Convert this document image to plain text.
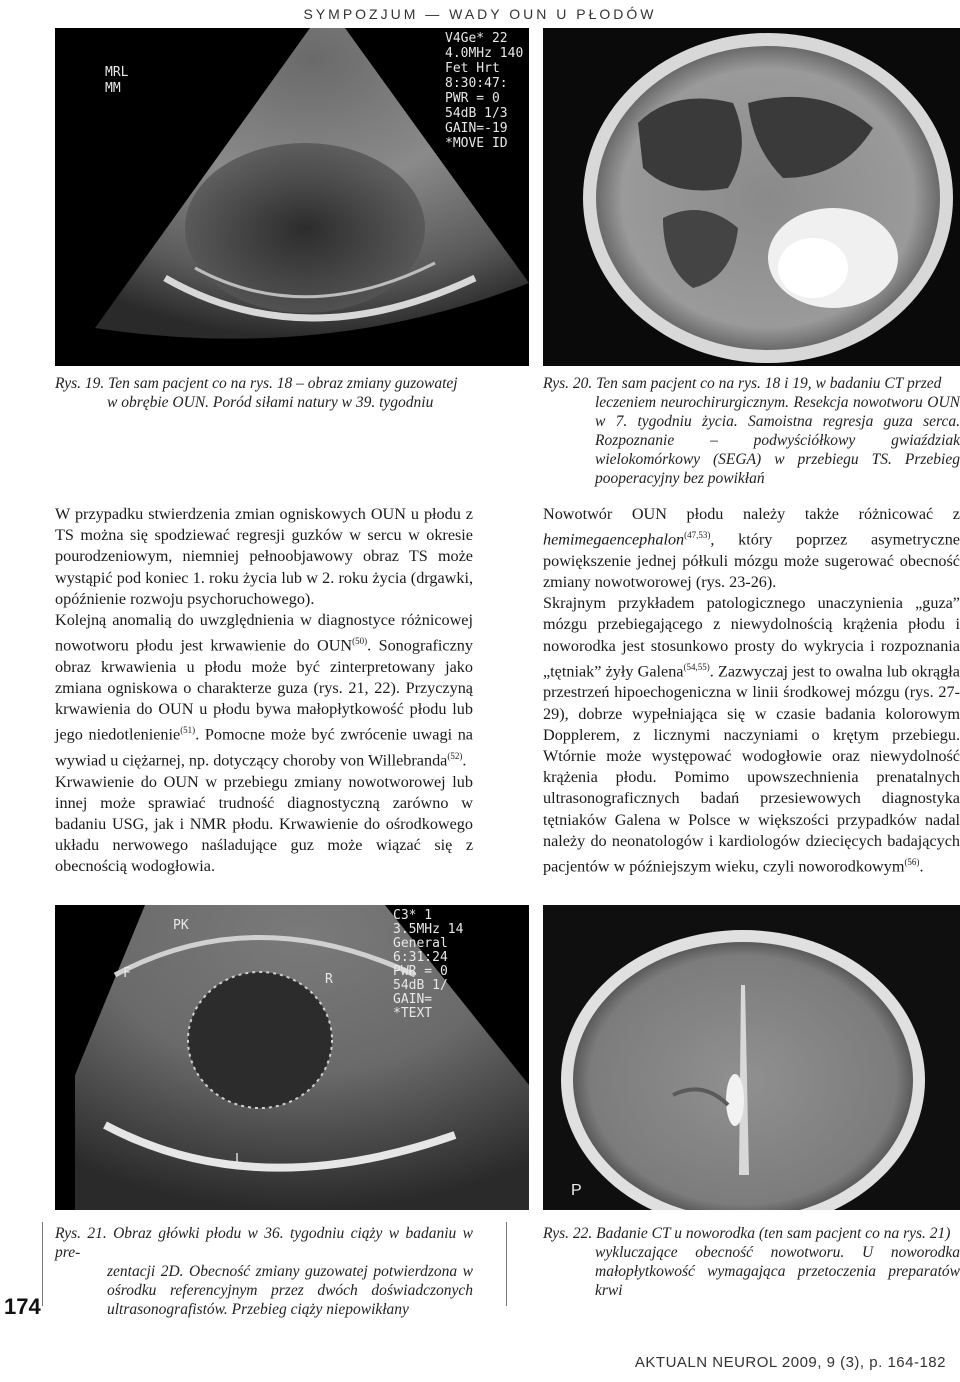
SYMPOZJUM — WADY OUN U PŁODÓW
MRL
MM
V4Ge* 22
4.0MHz 140
Fet Hrt
8:30:47:
PWR = 0
54dB 1/3
GAIN=-19
*MOVE ID
Rys. 19. Ten sam pacjent co na rys. 18 – obraz zmiany guzowatej
w obrębie OUN. Poród siłami natury w 39. tygodniu
Rys. 20. Ten sam pacjent co na rys. 18 i 19, w badaniu CT przed
leczeniem neurochirurgicznym. Resekcja nowotworu OUN w 7. tygodniu życia. Samoistna regresja guza serca. Rozpoznanie – podwyściółkowy gwiaździak wielokomórkowy (SEGA) w przebiegu TS. Przebieg pooperacyjny bez powikłań

W przypadku stwierdzenia zmian ogniskowych OUN u płodu z TS można się spodziewać regresji guzków w sercu w okresie pourodzeniowym, niemniej pełnoobjawowy obraz TS może wystąpić pod koniec 1. roku życia lub w 2. roku życia (drgawki, opóźnienie rozwoju psychoruchowego).

Kolejną anomalią do uwzględnienia w diagnostyce różnicowej nowotworu płodu jest krwawienie do OUN$^{(50)}$. Sonograficzny obraz krwawienia u płodu może być zinterpretowany jako zmiana ogniskowa o charakterze guza (rys. 21, 22). Przyczyną krwawienia do OUN u płodu bywa małopłytkowość płodu lub jego niedotlenienie$^{(51)}$. Pomocne może być zwrócenie uwagi na wywiad u ciężarnej, np. dotyczący choroby von Willebranda$^{(52)}$.

Krwawienie do OUN w przebiegu zmiany nowotworowej lub innej może sprawiać trudność diagnostyczną zarówno w badaniu USG, jak i NMR płodu. Krwawienie do ośrodkowego układu nerwowego naśladujące guz może wiązać się z obecnością wodogłowia.

Nowotwór OUN płodu należy także różnicować z hemimegaencephalon$^{(47,53)}$, który poprzez asymetryczne powiększenie jednej półkuli mózgu może sugerować obecność zmiany nowotworowej (rys. 23-26).

Skrajnym przykładem patologicznego unaczynienia „guza” mózgu przebiegającego z niewydolnością krążenia płodu i noworodka jest stosunkowo prosty do wykrycia i rozpoznania „tętniak” żyły Galena$^{(54,55)}$. Zazwyczaj jest to owalna lub okrągła przestrzeń hipoechogeniczna w linii środkowej mózgu (rys. 27-29), dobrze wypełniająca się w czasie badania kolorowym Dopplerem, z licznymi naczyniami o krętym przebiegu. Wtórnie może występować wodogłowie oraz niewydolność krążenia płodu. Pomimo upowszechnienia prenatalnych ultrasonograficznych badań przesiewowych diagnostyka tętniaków Galena w Polsce w większości przypadków nadal należy do neonatologów i kardiologów dziecięcych badających pacjentów w późniejszym wieku, czyli noworodkowym$^{(56)}$.

C3* 1
3.5MHz 14
General
6:31:24
PWR = 0
54dB 1/
GAIN=
*TEXT
PK
F	R
L
P
Rys. 21. Obraz główki płodu w 36. tygodniu ciąży w badaniu w pre-
zentacji 2D. Obecność zmiany guzowatej potwierdzona w ośrodku referencyjnym przez dwóch doświadczonych ultrasonografistów. Przebieg ciąży niepowikłany
Rys. 22. Badanie CT u noworodka (ten sam pacjent co na rys. 21)
wykluczające obecność nowotworu. U noworodka małopłytkowość wymagająca przetoczenia preparatów krwi
174
AKTUALN NEUROL 2009, 9 (3), p. 164-182
